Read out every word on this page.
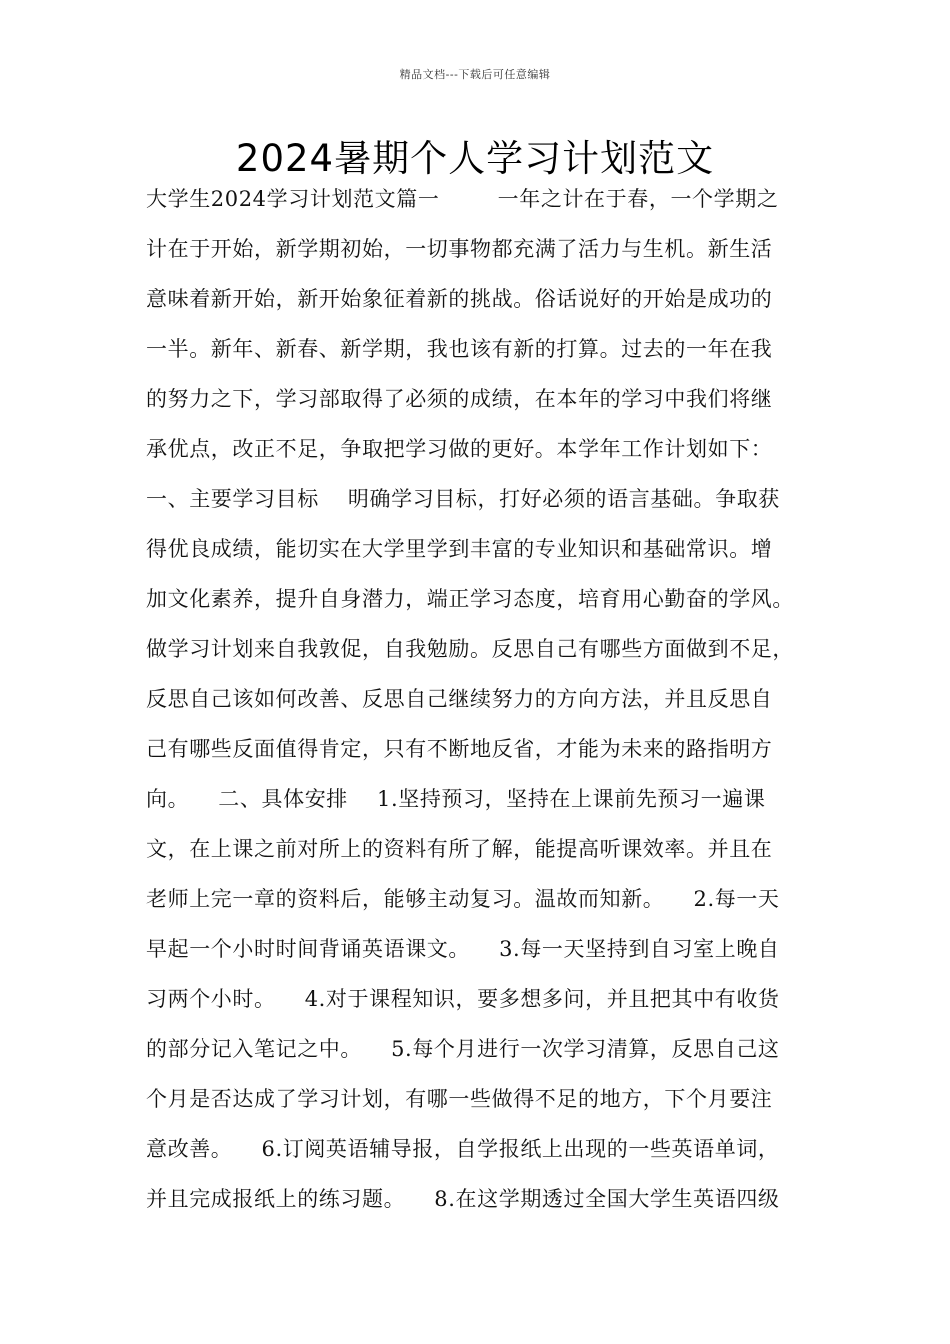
精品文档---下载后可任意编辑
2024暑期个人学习计划范文
大学生2024学习计划范文篇一        一年之计在于春，一个学期之
计在于开始，新学期初始，一切事物都充满了活力与生机。新生活
意味着新开始，新开始象征着新的挑战。俗话说好的开始是成功的
一半。新年、新春、新学期，我也该有新的打算。过去的一年在我
的努力之下，学习部取得了必须的成绩，在本年的学习中我们将继
承优点，改正不足，争取把学习做的更好。本学年工作计划如下：
一、主要学习目标    明确学习目标，打好必须的语言基础。争取获
得优良成绩，能切实在大学里学到丰富的专业知识和基础常识。增
加文化素养，提升自身潜力，端正学习态度，培育用心勤奋的学风。
做学习计划来自我敦促，自我勉励。反思自己有哪些方面做到不足，
反思自己该如何改善、反思自己继续努力的方向方法，并且反思自
己有哪些反面值得肯定，只有不断地反省，才能为未来的路指明方
向。    二、具体安排    1.坚持预习，坚持在上课前先预习一遍课
文，在上课之前对所上的资料有所了解，能提高听课效率。并且在
老师上完一章的资料后，能够主动复习。温故而知新。    2.每一天
早起一个小时时间背诵英语课文。    3.每一天坚持到自习室上晚自
习两个小时。    4.对于课程知识，要多想多问，并且把其中有收货
的部分记入笔记之中。    5.每个月进行一次学习清算，反思自己这
个月是否达成了学习计划，有哪一些做得不足的地方，下个月要注
意改善。    6.订阅英语辅导报，自学报纸上出现的一些英语单词，
并且完成报纸上的练习题。    8.在这学期透过全国大学生英语四级
